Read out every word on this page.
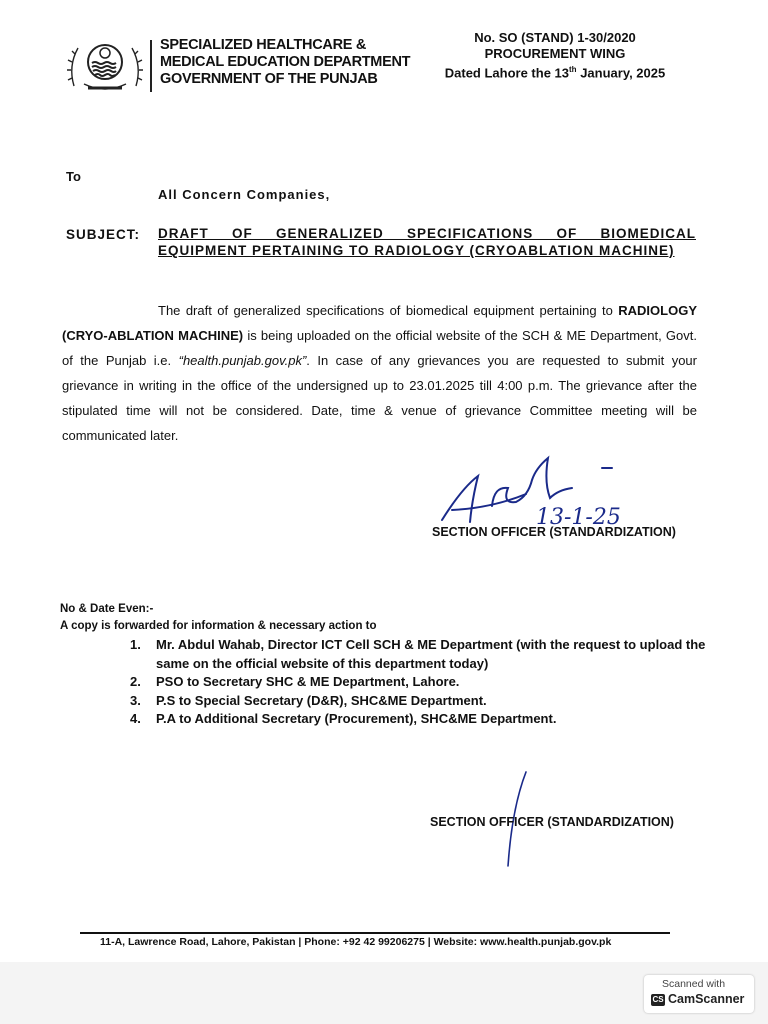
SPECIALIZED HEALTHCARE &
MEDICAL EDUCATION DEPARTMENT
GOVERNMENT OF THE PUNJAB
No. SO (STAND) 1-30/2020
PROCUREMENT WING
Dated Lahore the 13th January, 2025
To
All Concern Companies,
SUBJECT: DRAFT OF GENERALIZED SPECIFICATIONS OF BIOMEDICAL EQUIPMENT PERTAINING TO RADIOLOGY (CRYOABLATION MACHINE)
The draft of generalized specifications of biomedical equipment pertaining to RADIOLOGY (CRYO-ABLATION MACHINE) is being uploaded on the official website of the SCH & ME Department, Govt. of the Punjab i.e. “health.punjab.gov.pk”. In case of any grievances you are requested to submit your grievance in writing in the office of the undersigned up to 23.01.2025 till 4:00 p.m. The grievance after the stipulated time will not be considered. Date, time & venue of grievance Committee meeting will be communicated later.
13-1-25
SECTION OFFICER (STANDARDIZATION)
No & Date Even:-
A copy is forwarded for information & necessary action to
1.	Mr. Abdul Wahab, Director ICT Cell SCH & ME Department (with the request to upload the same on the official website of this department today)
2.	PSO to Secretary SHC & ME Department, Lahore.
3.	P.S to Special Secretary (D&R), SHC&ME Department.
4.	P.A to Additional Secretary (Procurement), SHC&ME Department.
SECTION OFFICER (STANDARDIZATION)
11-A, Lawrence Road, Lahore, Pakistan | Phone: +92 42 99206275 | Website: www.health.punjab.gov.pk
Scanned with
CS CamScanner
